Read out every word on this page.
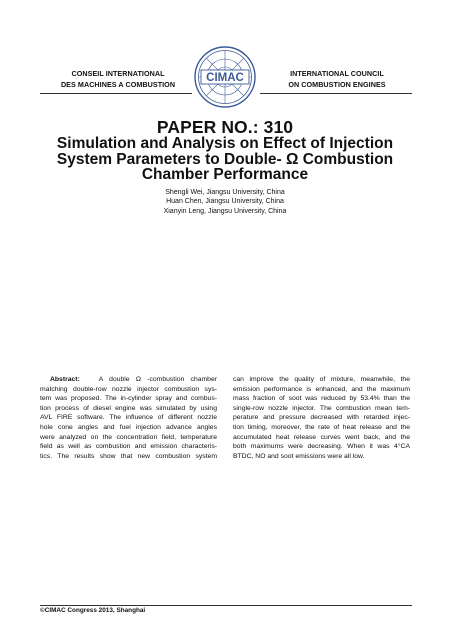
CONSEIL INTERNATIONAL
DES MACHINES A COMBUSTION
INTERNATIONAL COUNCIL
ON COMBUSTION ENGINES
CIMAC
PAPER NO.: 310
Simulation and Analysis on Effect of Injection
System Parameters to Double- Ω Combustion
Chamber Performance
Shengli Wei, Jiangsu University, China
Huan Chen, Jiangsu University, China
Xianyin Leng, Jiangsu University, China
Abstract:	A double Ω -combustion chamber
matching double-row nozzle injector combustion sys-
tem was proposed. The in-cylinder spray and combus-
tion process of diesel engine was simulated by using
AVL FIRE software. The influence of different nozzle
hole cone angles and fuel injection advance angles
were analyzed on the concentration field, temperature
field as well as combustion and emission characteris-
tics. The results show that new combustion system
can improve the quality of mixture, meanwhile, the
emission performance is enhanced, and the maximum
mass fraction of soot was reduced by 53.4% than the
single-row nozzle injector. The combustion mean tem-
perature and pressure decreased with retarded injec-
tion timing, moreover, the rate of heat release and the
accumulated heat release curves went back, and the
both maximums were decreasing. When it was 4°CA
BTDC, NO and soot emissions were all low.
©CIMAC Congress 2013, Shanghai
